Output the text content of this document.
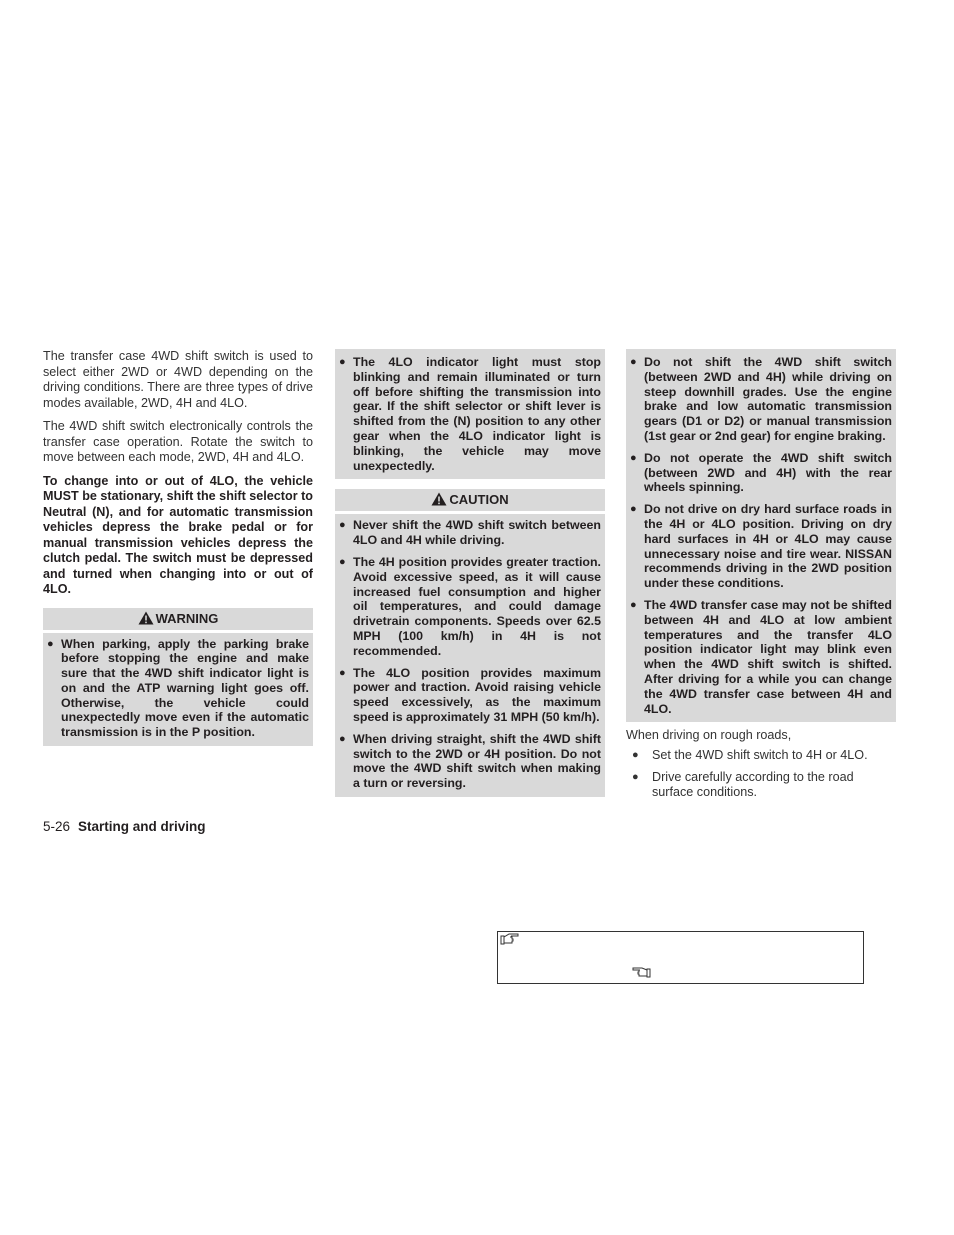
The transfer case 4WD shift switch is used to select either 2WD or 4WD depending on the driving conditions. There are three types of drive modes available, 2WD, 4H and 4LO.

The 4WD shift switch electronically controls the transfer case operation. Rotate the switch to move between each mode, 2WD, 4H and 4LO.

To change into or out of 4LO, the vehicle MUST be stationary, shift the shift selector to Neutral (N), and for automatic transmission vehicles depress the brake pedal or for manual transmission vehicles depress the clutch pedal. The switch must be depressed and turned when changing into or out of 4LO.

WARNING
● When parking, apply the parking brake before stopping the engine and make sure that the 4WD shift indicator light is on and the ATP warning light goes off. Otherwise, the vehicle could unexpectedly move even if the automatic transmission is in the P position.
● The 4LO indicator light must stop blinking and remain illuminated or turn off before shifting the transmission into gear. If the shift selector or shift lever is shifted from the (N) position to any other gear when the 4LO indicator light is blinking, the vehicle may move unexpectedly.
CAUTION
● Never shift the 4WD shift switch between 4LO and 4H while driving.
● The 4H position provides greater traction. Avoid excessive speed, as it will cause increased fuel consumption and higher oil temperatures, and could damage drivetrain components. Speeds over 62.5 MPH (100 km/h) in 4H is not recommended.
● The 4LO position provides maximum power and traction. Avoid raising vehicle speed excessively, as the maximum speed is approximately 31 MPH (50 km/h).
● When driving straight, shift the 4WD shift switch to the 2WD or 4H position. Do not move the 4WD shift switch when making a turn or reversing.
● Do not shift the 4WD shift switch (between 2WD and 4H) while driving on steep downhill grades. Use the engine brake and low automatic transmission gears (D1 or D2) or manual transmission (1st gear or 2nd gear) for engine braking.
● Do not operate the 4WD shift switch (between 2WD and 4H) with the rear wheels spinning.
● Do not drive on dry hard surface roads in the 4H or 4LO position. Driving on dry hard surfaces in 4H or 4LO may cause unnecessary noise and tire wear. NISSAN recommends driving in the 2WD position under these conditions.
● The 4WD transfer case may not be shifted between 4H and 4LO at low ambient temperatures and the transfer 4LO position indicator light may blink even when the 4WD shift switch is shifted. After driving for a while you can change the 4WD transfer case between 4H and 4LO.

When driving on rough roads,

● Set the 4WD shift switch to 4H or 4LO.
● Drive carefully according to the road surface conditions.
5-26 Starting and driving
